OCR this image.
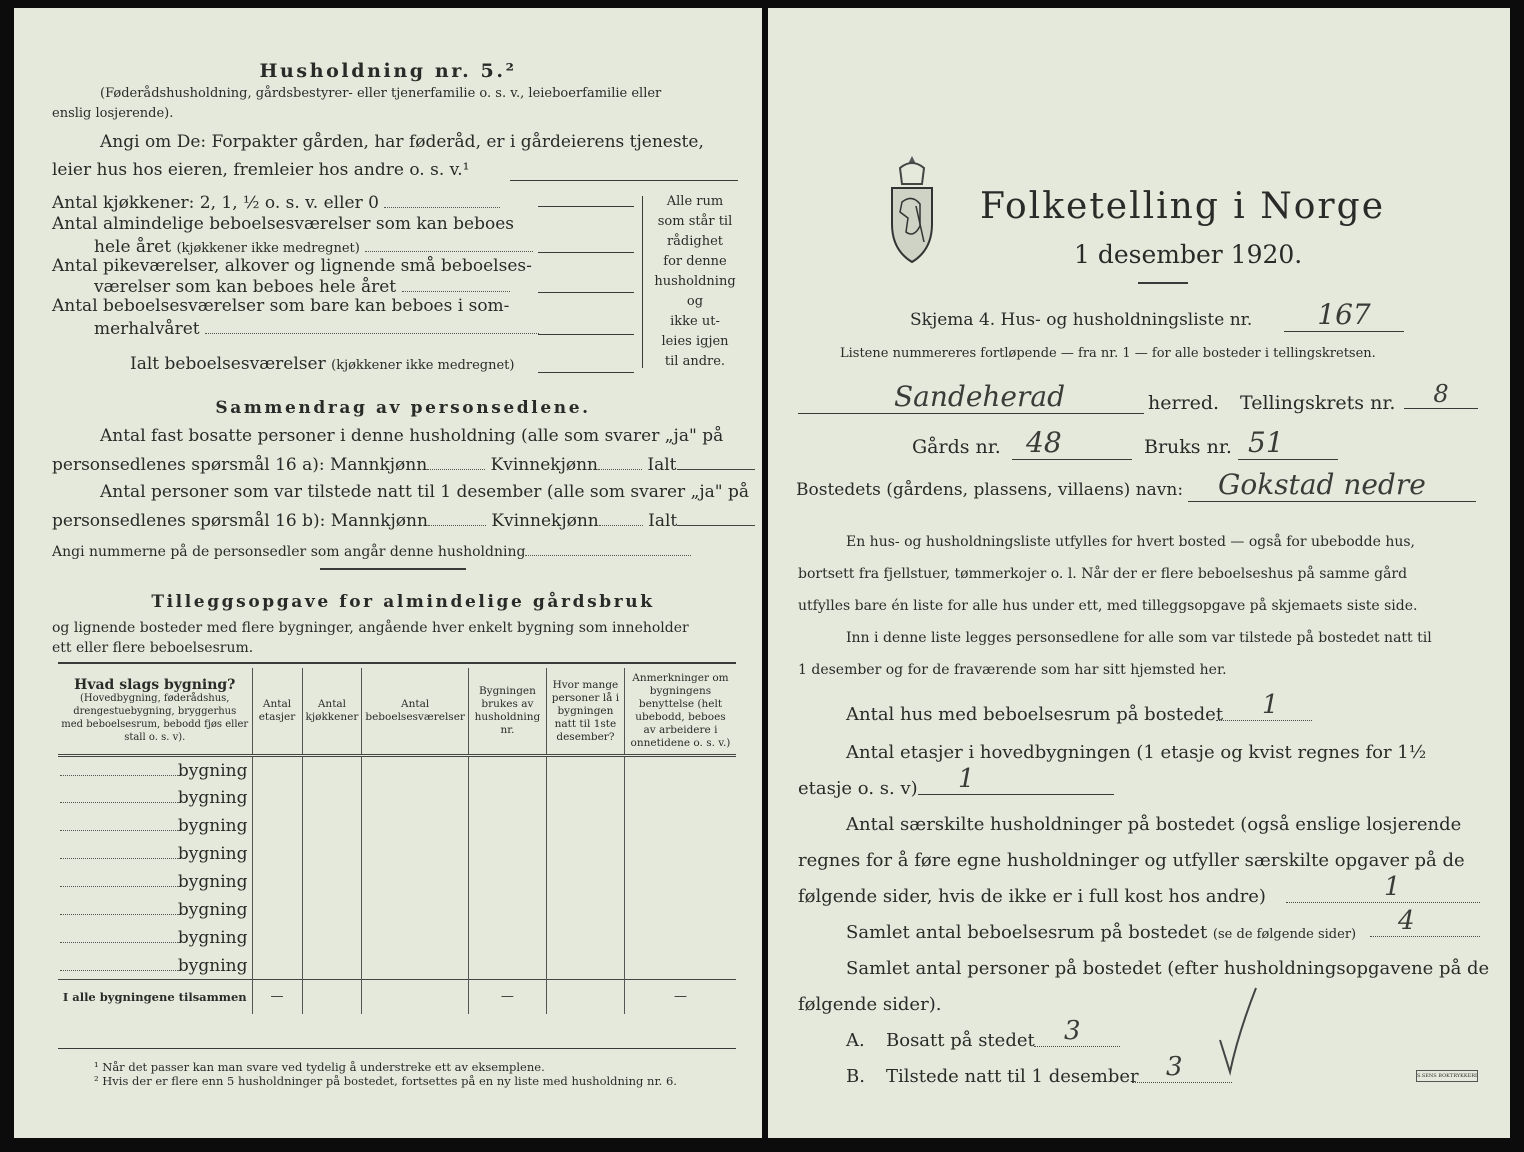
Husholdning nr. 5.²
(Føderådshusholdning, gårdsbestyrer- eller tjenerfamilie o. s. v., leieboerfamilie eller
enslig losjerende).
Angi om De: Forpakter gården, har føderåd, er i gårdeierens tjeneste,
leier hus hos eieren, fremleier hos andre o. s. v.¹
Antal kjøkkener: 2, 1, ½ o. s. v. eller 0
Antal almindelige beboelsesværelser som kan beboes
hele året (kjøkkener ikke medregnet)
Antal pikeværelser, alkover og lignende små beboelses-
værelser som kan beboes hele året
Antal beboelsesværelser som bare kan beboes i som-
merhalvåret
Ialt beboelsesværelser (kjøkkener ikke medregnet)
Alle rum
som står til
rådighet
for denne
husholdning
og
ikke ut-
leies igjen
til andre.
Sammendrag av personsedlene.
Antal fast bosatte personer i denne husholdning (alle som svarer „ja" på
personsedlenes spørsmål 16 a): Mannkjønn	Kvinnekjønn	Ialt
Antal personer som var tilstede natt til 1 desember (alle som svarer „ja" på
personsedlenes spørsmål 16 b): Mannkjønn	Kvinnekjønn	Ialt
Angi nummerne på de personsedler som angår denne husholdning
Tilleggsopgave for almindelige gårdsbruk
og lignende bosteder med flere bygninger, angående hver enkelt bygning som inneholder
ett eller flere beboelsesrum.
Hvad slags bygning?
(Hovedbygning, føderådshus, drengestuebygning, bryggerhus med beboelsesrum, bebodd fjøs eller stall o. s. v).	Antal etasjer	Antal kjøkkener	Antal beboelsesværelser	Bygningen brukes av husholdning nr.	Hvor mange personer lå i bygningen natt til 1ste desember?	Anmerkninger om bygningens benyttelse (helt ubebodd, beboes av arbeidere i onnetidene o. s. v.)
bygning						
bygning						
bygning						
bygning						
bygning						
bygning						
bygning						
bygning						
I alle bygningene tilsammen	—			—		—
¹ Når det passer kan man svare ved tydelig å understreke ett av eksemplene.
² Hvis der er flere enn 5 husholdninger på bostedet, fortsettes på en ny liste med husholdning nr. 6.
Folketelling i Norge
1 desember 1920.
Skjema 4. Hus- og husholdningsliste nr.	167
Listene nummereres fortløpende — fra nr. 1 — for alle bosteder i tellingskretsen.
Sandeherad	herred. Tellingskrets nr.	8
Gårds nr. 48	Bruks nr. 51
Bostedets (gårdens, plassens, villaens) navn:	Gokstad nedre
En hus- og husholdningsliste utfylles for hvert bosted — også for ubebodde hus,
bortsett fra fjellstuer, tømmerkojer o. l. Når der er flere beboelseshus på samme gård
utfylles bare én liste for alle hus under ett, med tilleggsopgave på skjemaets siste side.
Inn i denne liste legges personsedlene for alle som var tilstede på bostedet natt til
1 desember og for de fraværende som har sitt hjemsted her.
Antal hus med beboelsesrum på bostedet	1
Antal etasjer i hovedbygningen (1 etasje og kvist regnes for 1½
etasje o. s. v)	1
Antal særskilte husholdninger på bostedet (også enslige losjerende
regnes for å føre egne husholdninger og utfyller særskilte opgaver på de
følgende sider, hvis de ikke er i full kost hos andre)	1
Samlet antal beboelsesrum på bostedet (se de følgende sider)	4
Samlet antal personer på bostedet (efter husholdningsopgavene på de
følgende sider).
A. Bosatt på stedet	3
B. Tilstede natt til 1 desember	3	S.SENS BOKTRYKKERI
